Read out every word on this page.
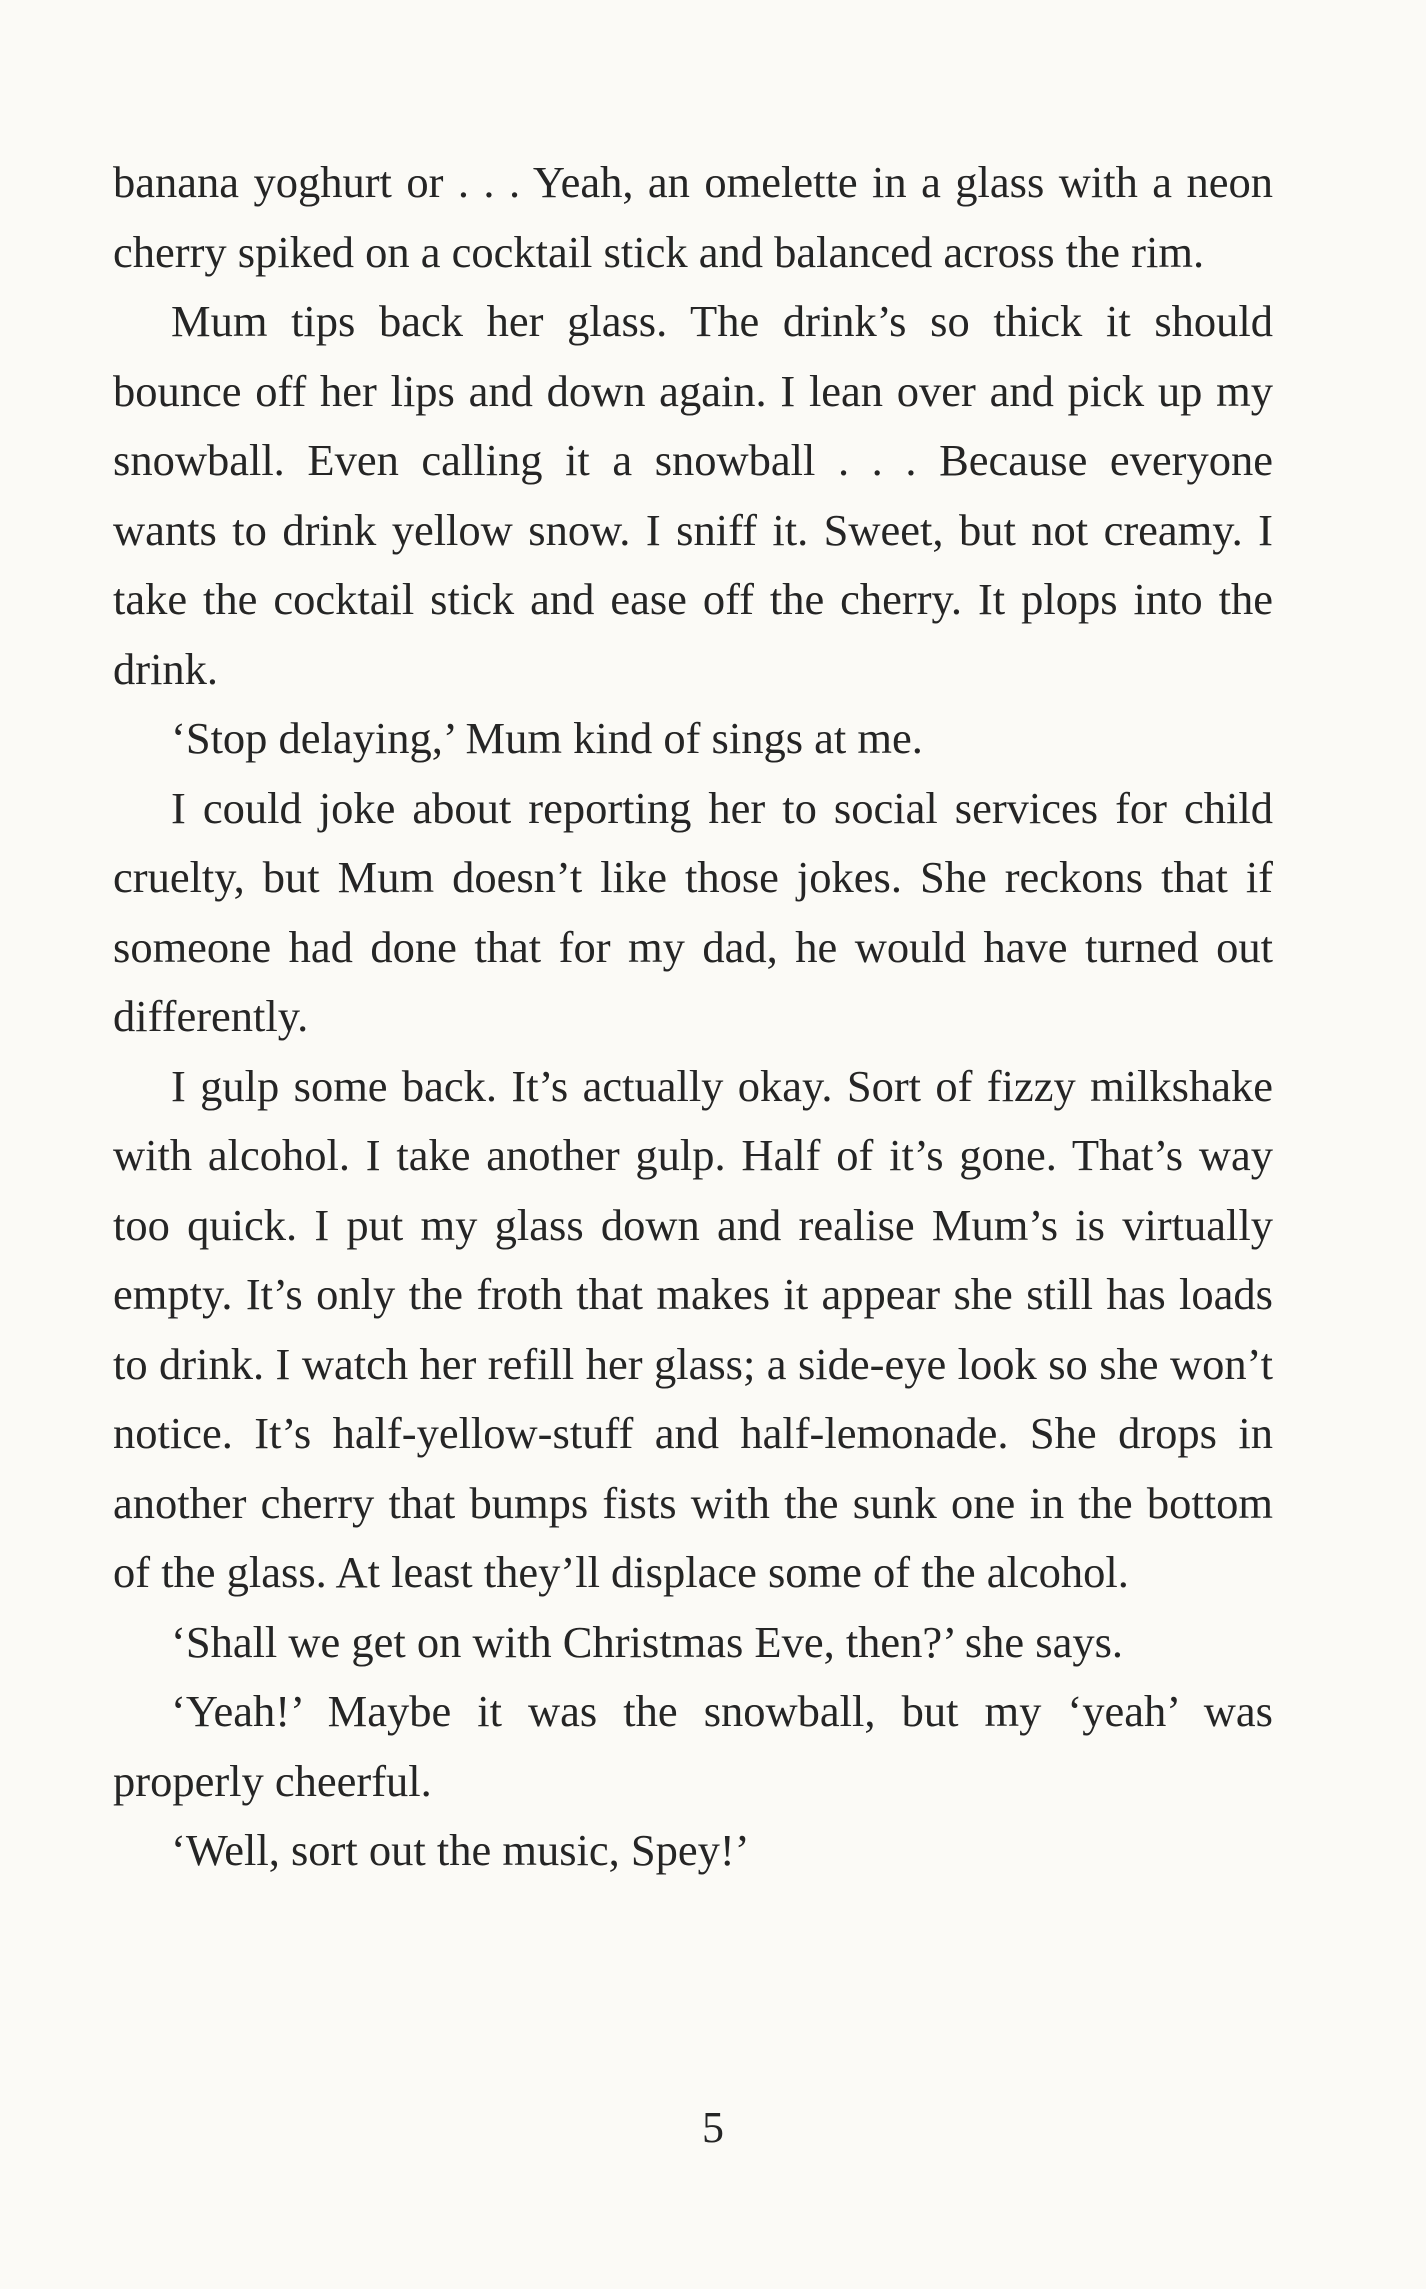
banana yoghurt or . . . Yeah, an omelette in a glass with a neon cherry spiked on a cocktail stick and balanced across the rim.

Mum tips back her glass. The drink’s so thick it should bounce off her lips and down again. I lean over and pick up my snowball. Even calling it a snowball . . . Because everyone wants to drink yellow snow. I sniff it. Sweet, but not creamy. I take the cocktail stick and ease off the cherry. It plops into the drink.

‘Stop delaying,’ Mum kind of sings at me.

I could joke about reporting her to social services for child cruelty, but Mum doesn’t like those jokes. She reckons that if someone had done that for my dad, he would have turned out differently.

I gulp some back. It’s actually okay. Sort of fizzy milkshake with alcohol. I take another gulp. Half of it’s gone. That’s way too quick. I put my glass down and realise Mum’s is virtually empty. It’s only the froth that makes it appear she still has loads to drink. I watch her refill her glass; a side-eye look so she won’t notice. It’s half-yellow-stuff and half-lemonade. She drops in another cherry that bumps fists with the sunk one in the bottom of the glass. At least they’ll displace some of the alcohol.

‘Shall we get on with Christmas Eve, then?’ she says.

‘Yeah!’ Maybe it was the snowball, but my ‘yeah’ was properly cheerful.

‘Well, sort out the music, Spey!’

5
